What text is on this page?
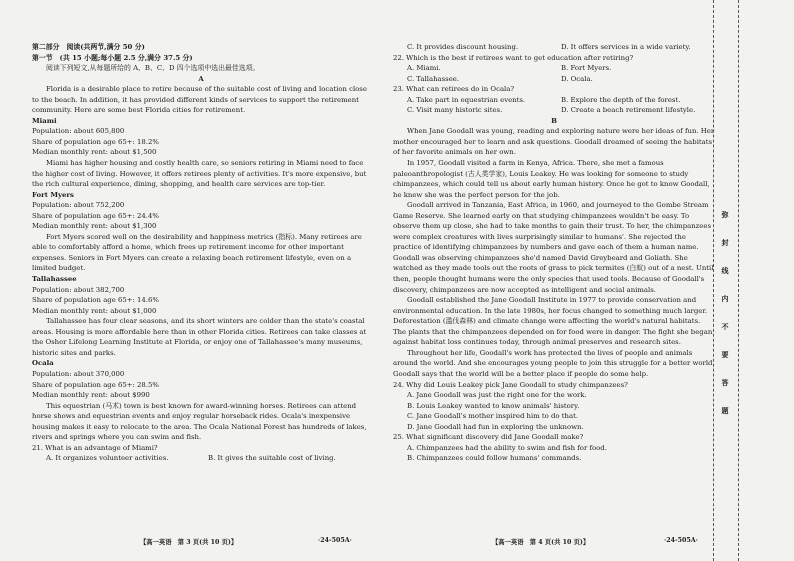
第二部分　阅读(共两节,满分 50 分)

第一节　(共 15 小题;每小题 2.5 分,满分 37.5 分)

阅读下列短文,从每题所给的 A、B、C、D 四个选项中选出最佳选项。

A

Florida is a desirable place to retire because of the suitable cost of living and location close to the beach. In addition, it has provided different kinds of services to support the retirement community. Here are some best Florida cities for retirement.

Miami

Population: about 605,800

Share of population age 65+: 18.2%

Median monthly rent: about $1,500

Miami has higher housing and costly health care, so seniors retiring in Miami need to face the higher cost of living. However, it offers retirees plenty of activities. It's more expensive, but the rich cultural experience, dining, shopping, and health care services are top-tier.

Fort Myers

Population: about 752,200

Share of population age 65+: 24.4%

Median monthly rent: about $1,300

Fort Myers scored well on the desirability and happiness metrics (指标). Many retirees are able to comfortably afford a home, which frees up retirement income for other important expenses. Seniors in Fort Myers can create a relaxing beach retirement lifestyle, even on a limited budget.

Tallahassee

Population: about 382,700

Share of population age 65+: 14.6%

Median monthly rent: about $1,000

Tallahassee has four clear seasons, and its short winters are colder than the state's coastal areas. Housing is more affordable here than in other Florida cities. Retirees can take classes at the Osher Lifelong Learning Institute at Florida, or enjoy one of Tallahassee's many museums, historic sites and parks.

Ocala

Population: about 370,000

Share of population age 65+: 28.5%

Median monthly rent: about $990

This equestrian (马术) town is best known for award-winning horses. Retirees can attend horse shows and equestrian events and enjoy regular horseback rides. Ocala's inexpensive housing makes it easy to relocate to the area. The Ocala National Forest has hundreds of lakes, rivers and springs where you can swim and fish.

21. What is an advantage of Miami?

A. It organizes volunteer activities.	B. It gives the suitable cost of living.
C. It provides discount housing.	D. It offers services in a wide variety.

22. Which is the best if retirees want to get education after retiring?

A. Miami.	B. Fort Myers.
C. Tallahassee.	D. Ocala.

23. What can retirees do in Ocala?

A. Take part in equestrian events.	B. Explore the depth of the forest.
C. Visit many historic sites.	D. Create a beach retirement lifestyle.

B

When Jane Goodall was young, reading and exploring nature were her ideas of fun. Her mother encouraged her to learn and ask questions. Goodall dreamed of seeing the habitats of her favorite animals on her own.

In 1957, Goodall visited a farm in Kenya, Africa. There, she met a famous paleoanthropologist (古人类学家), Louis Leakey. He was looking for someone to study chimpanzees, which could tell us about early human history. Once he got to know Goodall, he knew she was the perfect person for the job.

Goodall arrived in Tanzania, East Africa, in 1960, and journeyed to the Gombe Stream Game Reserve. She learned early on that studying chimpanzees wouldn't be easy. To observe them up close, she had to take months to gain their trust. To her, the chimpanzees were complex creatures with lives surprisingly similar to humans'. She rejected the practice of identifying chimpanzees by numbers and gave each of them a human name. Goodall was observing chimpanzees she'd named David Greybeard and Goliath. She watched as they made tools out the roots of grass to pick termites (白蚁) out of a nest. Until then, people thought humans were the only species that used tools. Because of Goodall's discovery, chimpanzees are now accepted as intelligent and social animals.

Goodall established the Jane Goodall Institute in 1977 to provide conservation and environmental education. In the late 1980s, her focus changed to something much larger. Deforestation (滥伐森林) and climate change were affecting the world's natural habitats. The plants that the chimpanzees depended on for food were in danger. The fight she began against habitat loss continues today, through animal preserves and research sites.

Throughout her life, Goodall's work has protected the lives of people and animals around the world. And she encourages young people to join this struggle for a better world. Goodall says that the world will be a better place if people do some help.

24. Why did Louis Leakey pick Jane Goodall to study chimpanzees?

A. Jane Goodall was just the right one for the work.

B. Louis Leakey wanted to know animals' history.

C. Jane Goodall's mother inspired him to do that.

D. Jane Goodall had fun in exploring the unknown.

25. What significant discovery did Jane Goodall make?

A. Chimpanzees had the ability to swim and fish for food.

B. Chimpanzees could follow humans' commands.

【高一英语　第 3 页(共 10 页)】	·24-505A·	【高一英语　第 4 页(共 10 页)】	·24-505A·
弥
封
线
内
不
要
答
题
